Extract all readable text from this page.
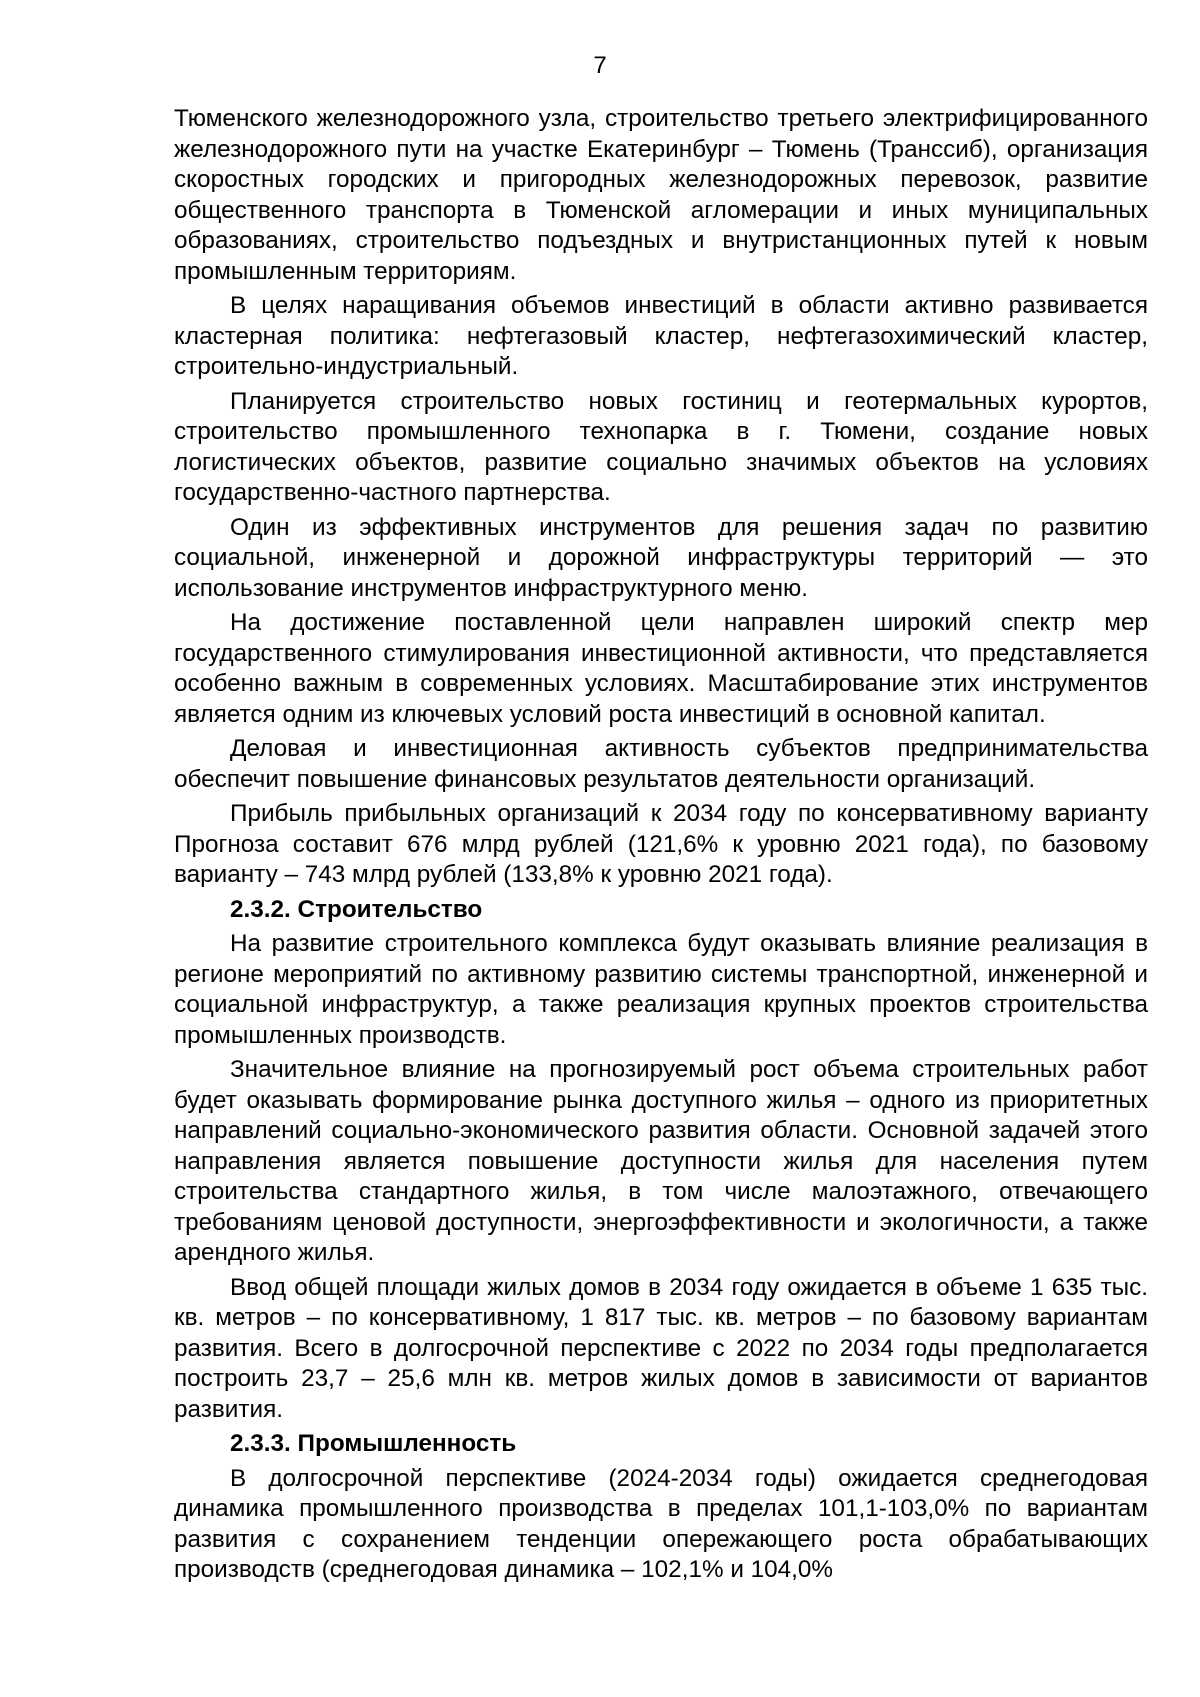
7
Тюменского железнодорожного узла, строительство третьего электрифицированного железнодорожного пути на участке Екатеринбург – Тюмень (Транссиб), организация скоростных городских и пригородных железнодорожных перевозок, развитие общественного транспорта в Тюменской агломерации и иных муниципальных образованиях, строительство подъездных и внутристанционных путей к новым промышленным территориям.
В целях наращивания объемов инвестиций в области активно развивается кластерная политика: нефтегазовый кластер, нефтегазохимический кластер, строительно-индустриальный.
Планируется строительство новых гостиниц и геотермальных курортов, строительство промышленного технопарка в г. Тюмени, создание новых логистических объектов, развитие социально значимых объектов на условиях государственно-частного партнерства.
Один из эффективных инструментов для решения задач по развитию социальной, инженерной и дорожной инфраструктуры территорий — это использование инструментов инфраструктурного меню.
На достижение поставленной цели направлен широкий спектр мер государственного стимулирования инвестиционной активности, что представляется особенно важным в современных условиях. Масштабирование этих инструментов является одним из ключевых условий роста инвестиций в основной капитал.
Деловая и инвестиционная активность субъектов предпринимательства обеспечит повышение финансовых результатов деятельности организаций.
Прибыль прибыльных организаций к 2034 году по консервативному варианту Прогноза составит 676 млрд рублей (121,6% к уровню 2021 года), по базовому варианту – 743 млрд рублей (133,8% к уровню 2021 года).
2.3.2. Строительство
На развитие строительного комплекса будут оказывать влияние реализация в регионе мероприятий по активному развитию системы транспортной, инженерной и социальной инфраструктур, а также реализация крупных проектов строительства промышленных производств.
Значительное влияние на прогнозируемый рост объема строительных работ будет оказывать формирование рынка доступного жилья – одного из приоритетных направлений социально-экономического развития области. Основной задачей этого направления является повышение доступности жилья для населения путем строительства стандартного жилья, в том числе малоэтажного, отвечающего требованиям ценовой доступности, энергоэффективности и экологичности, а также арендного жилья.
Ввод общей площади жилых домов в 2034 году ожидается в объеме 1 635 тыс. кв. метров – по консервативному, 1 817 тыс. кв. метров – по базовому вариантам развития. Всего в долгосрочной перспективе с 2022 по 2034 годы предполагается построить 23,7 – 25,6 млн кв. метров жилых домов в зависимости от вариантов развития.
2.3.3. Промышленность
В долгосрочной перспективе (2024-2034 годы) ожидается среднегодовая динамика промышленного производства в пределах 101,1-103,0% по вариантам развития с сохранением тенденции опережающего роста обрабатывающих производств (среднегодовая динамика – 102,1% и 104,0%
